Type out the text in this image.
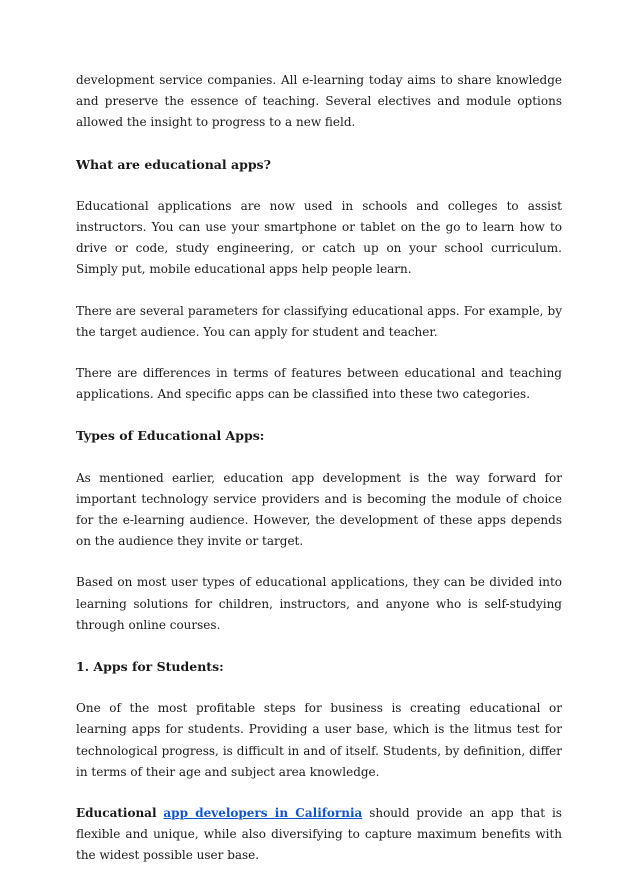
development service companies. All e-learning today aims to share knowledge and preserve the essence of teaching. Several electives and module options allowed the insight to progress to a new field.

What are educational apps?

Educational applications are now used in schools and colleges to assist instructors. You can use your smartphone or tablet on the go to learn how to drive or code, study engineering, or catch up on your school curriculum. Simply put, mobile educational apps help people learn.

There are several parameters for classifying educational apps. For example, by the target audience. You can apply for student and teacher.

There are differences in terms of features between educational and teaching applications. And specific apps can be classified into these two categories.

Types of Educational Apps:

As mentioned earlier, education app development is the way forward for important technology service providers and is becoming the module of choice for the e-learning audience. However, the development of these apps depends on the audience they invite or target.

Based on most user types of educational applications, they can be divided into learning solutions for children, instructors, and anyone who is self-studying through online courses.

1. Apps for Students:

One of the most profitable steps for business is creating educational or learning apps for students. Providing a user base, which is the litmus test for technological progress, is difficult in and of itself. Students, by definition, differ in terms of their age and subject area knowledge.

Educational app developers in California should provide an app that is flexible and unique, while also diversifying to capture maximum benefits with the widest possible user base.
